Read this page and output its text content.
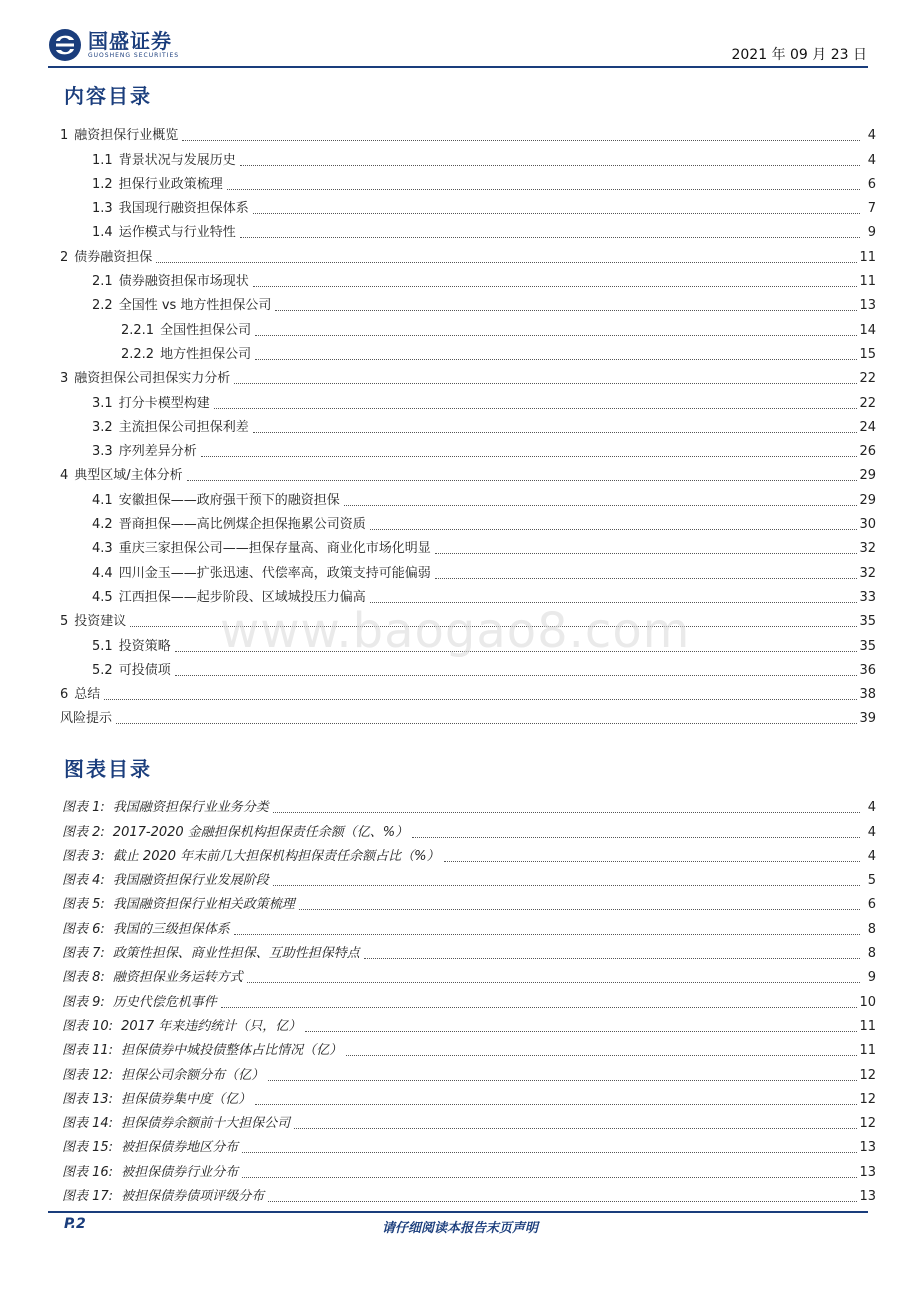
国盛证券
GUOSHENG SECURITIES	2021 年 09 月 23 日
内容目录
1 融资担保行业概览	4
1.1 背景状况与发展历史	4
1.2 担保行业政策梳理	6
1.3 我国现行融资担保体系	7
1.4 运作模式与行业特性	9
2 债券融资担保	11
2.1 债券融资担保市场现状	11
2.2 全国性 vs 地方性担保公司	13
2.2.1 全国性担保公司	14
2.2.2 地方性担保公司	15
3 融资担保公司担保实力分析	22
3.1 打分卡模型构建	22
3.2 主流担保公司担保利差	24
3.3 序列差异分析	26
4 典型区域/主体分析	29
4.1 安徽担保——政府强干预下的融资担保	29
4.2 晋商担保——高比例煤企担保拖累公司资质	30
4.3 重庆三家担保公司——担保存量高、商业化市场化明显	32
4.4 四川金玉——扩张迅速、代偿率高，政策支持可能偏弱	32
4.5 江西担保——起步阶段、区域城投压力偏高	33
5 投资建议	35
5.1 投资策略	35
5.2 可投债项	36
6 总结	38
风险提示	39
www.baogao8.com
图表目录
图表 1: 我国融资担保行业业务分类	4
图表 2: 2017-2020 金融担保机构担保责任余额（亿、%）	4
图表 3: 截止 2020 年末前几大担保机构担保责任余额占比（%）	4
图表 4: 我国融资担保行业发展阶段	5
图表 5: 我国融资担保行业相关政策梳理	6
图表 6: 我国的三级担保体系	8
图表 7: 政策性担保、商业性担保、互助性担保特点	8
图表 8: 融资担保业务运转方式	9
图表 9: 历史代偿危机事件	10
图表 10: 2017 年来违约统计（只，亿）	11
图表 11: 担保债券中城投债整体占比情况（亿）	11
图表 12: 担保公司余额分布（亿）	12
图表 13: 担保债券集中度（亿）	12
图表 14: 担保债券余额前十大担保公司	12
图表 15: 被担保债券地区分布	13
图表 16: 被担保债券行业分布	13
图表 17: 被担保债券债项评级分布	13
P.2	请仔细阅读本报告末页声明
